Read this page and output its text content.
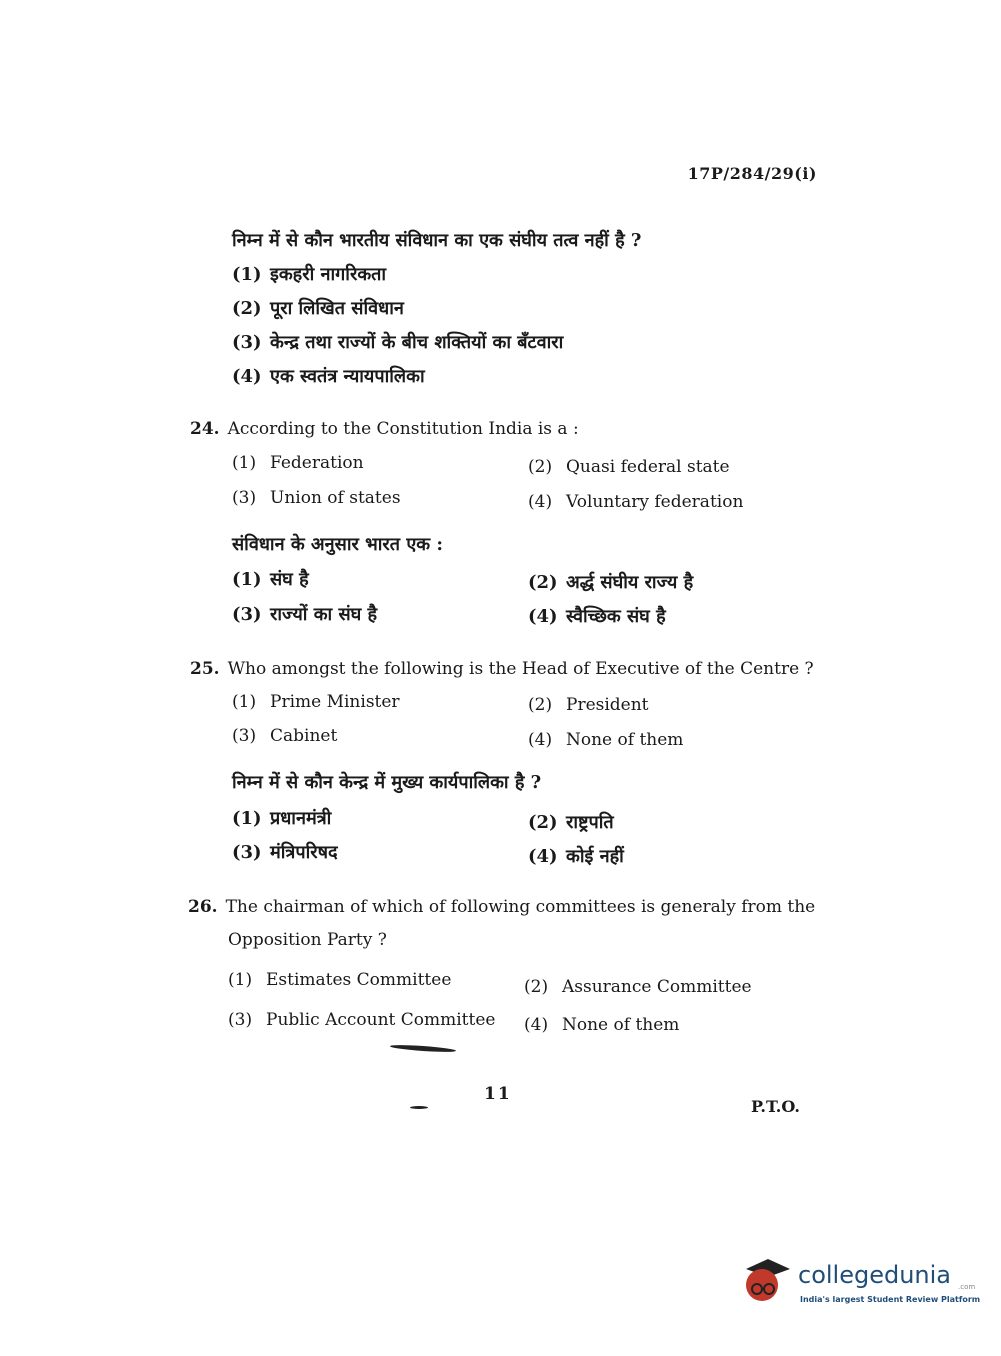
17P/284/29(i)
निम्न में से कौन भारतीय संविधान का एक संघीय तत्व नहीं है ?
(1) इकहरी नागरिकता
(2) पूरा लिखित संविधान
(3) केन्द्र तथा राज्यों के बीच शक्तियों का बँटवारा
(4) एक स्वतंत्र न्यायपालिका
24. According to the Constitution India is a :
(1) Federation	(2) Quasi federal state
(3) Union of states	(4) Voluntary federation
संविधान के अनुसार भारत एक :
(1) संघ है	(2) अर्द्ध संघीय राज्य है
(3) राज्यों का संघ है	(4) स्वैच्छिक संघ है
25. Who amongst the following is the Head of Executive of the Centre ?
(1) Prime Minister	(2) President
(3) Cabinet	(4) None of them
निम्न में से कौन केन्द्र में मुख्य कार्यपालिका है ?
(1) प्रधानमंत्री	(2) राष्ट्रपति
(3) मंत्रिपरिषद	(4) कोई नहीं
26. The chairman of which of following committees is generaly from the
Opposition Party ?
(1) Estimates Committee	(2) Assurance Committee
(3) Public Account Committee (4) None of them
11
P.T.O.
collegedunia .com
India's largest Student Review Platform
